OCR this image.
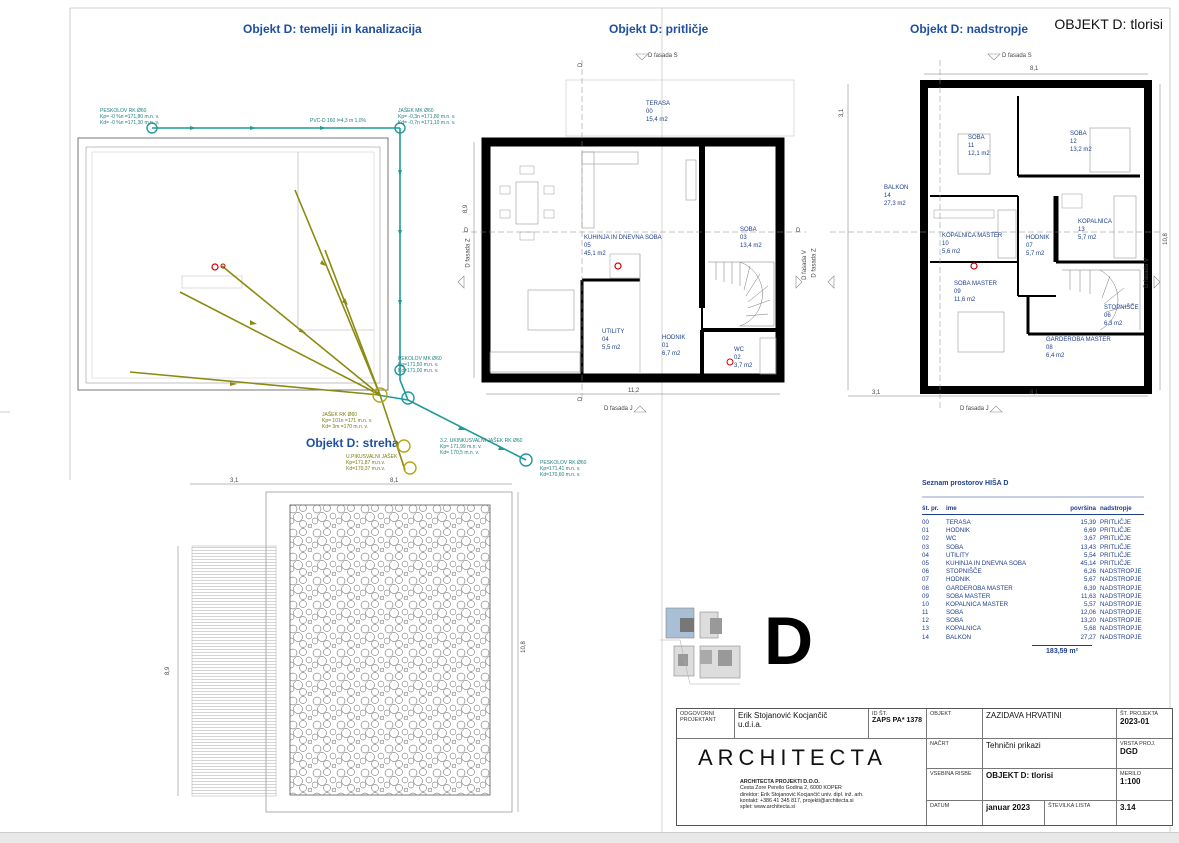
Objekt D: temelji in kanalizacija	Objekt D: pritličje	Objekt D: nadstropje OBJEKT D: tlorisi
Objekt D: streha
TERASA
00
15,4 m2
KUHINJA IN DNEVNA SOBA
05
45,1 m2
SOBA
03
13,4 m2
UTILITY
04
5,5 m2
HODNIK
01
6,7 m2
WC
02
3,7 m2
D fasada S
D fasada J
D fasada Z	D fasada V
11,2
8,9
3,1
D	D
D
D
SOBA
11
12,1 m2
SOBA
12
13,2 m2
BALKON
14
27,3 m2
KOPALNICA MASTER
10
5,6 m2
HODNIK
07
5,7 m2
KOPALNICA
13
5,7 m2
SOBA MASTER
09
11,6 m2
STOPNIŠČE
06
6,3 m2
GARDEROBA MASTER
08
6,4 m2
D fasada S
D fasada J
D fasada Z	D fasada V
8,1
8,1
3,1
10,8
PESKOLOV RK Ø60
Kp= -0 %n =171,80 m.n. v.
Kd= -0 %n =171,30 m.n. v.
JAŠEK MK Ø60
Kp= -0,3n =171,80 m.n. v.
Kd= -0,7n =171,10 m.n. v.
PVC-D 160 l=4,3 m 1,0%
PEKOLOV MK Ø60
Kp=171,50 m.n. v.
Kd=171,00 m.n. v.
JAŠEK RK Ø60
Kp= 101n =171 m.n. v.
Kd= 3m =170 m.n. v.
U.PIKUSVALNI JAŠEK
Kp=171,87 m.n.v.
Kd=170,37 m.n.v.
3.2. UKINKUSVALNI JAŠEK RK Ø60
Kp= 171,99 m.n. v.
Kd= 170,5 m.n. v.
PESKOLOV RK Ø60
Kp=171,41 m.n. v.
Kd=170,60 m.n. v.
3,1	8,1
8,9
10,8
Seznam prostorov HIŠA D
št. pr.	ime	površina nadstropje
00	TERASA	15,39 PRITLIČJE
01	HODNIK	6,69 PRITLIČJE
02	WC	3,67 PRITLIČJE
03	SOBA	13,43 PRITLIČJE
04	UTILITY	5,54 PRITLIČJE
05	KUHINJA IN DNEVNA SOBA	45,14 PRITLIČJE
06	STOPNIŠČE	6,26 NADSTROPJE
07	HODNIK	5,67 NADSTROPJE
08	GARDEROBA MASTER	6,39 NADSTROPJE
09	SOBA MASTER	11,63 NADSTROPJE
10	KOPALNICA MASTER	5,57 NADSTROPJE
11	SOBA	12,06 NADSTROPJE
12	SOBA	13,20 NADSTROPJE
13	KOPALNICA	5,68 NADSTROPJE
14	BALKON	27,27 NADSTROPJE
183,59 m²
D
ODGOVORNI PROJEKTANT	Erik Stojanović Kocjančič
u.d.i.a.
ID ŠT.
ZAPS PA* 1378
OBJEKT	ZAZIDAVA HRVATINI	ŠT. PROJEKTA
2023-01
NAČRT	Tehnični prikazi	VRSTA PROJ.
DGD
VSEBINA RISBE	OBJEKT D: tlorisi	MERILO
1:100
DATUM	januar 2023	ŠTEVILKA LISTA	3.14
ARCHITECTA
ARCHITECTA PROJEKTI D.O.O.
Cesta Zore Perello Godina 2, 6000 KOPER
direktor: Erik Stojanović Kocjančič univ. dipl. inž. arh.
kontakt: +386 41 345 817, projekti@architecta.si
splet: www.architecta.si
